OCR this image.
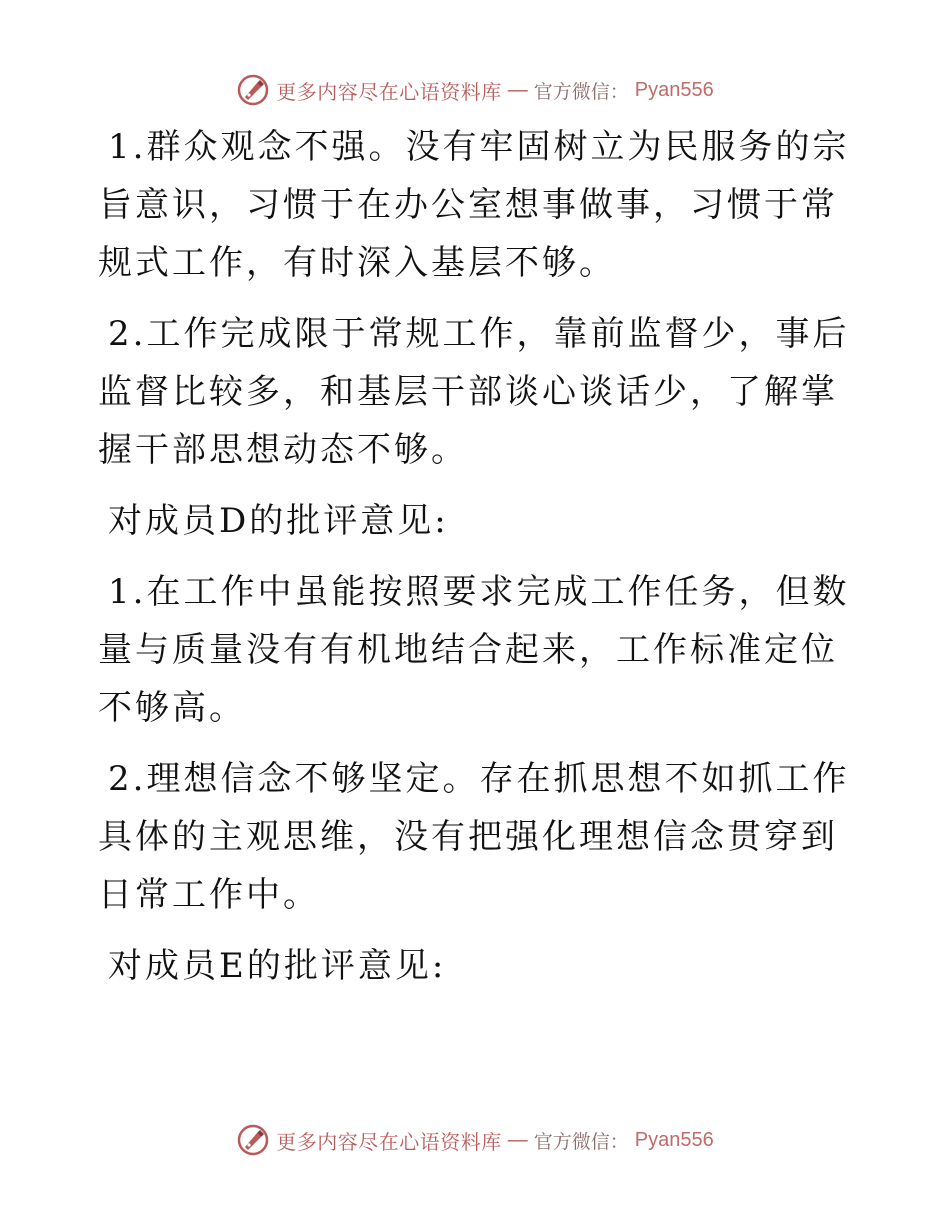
更多内容尽在心语资料库 — 官方微信： Pyan556

1.群众观念不强。没有牢固树立为民服务的宗旨意识，习惯于在办公室想事做事，习惯于常规式工作，有时深入基层不够。

2.工作完成限于常规工作，靠前监督少，事后监督比较多，和基层干部谈心谈话少，了解掌握干部思想动态不够。

对成员D的批评意见:

1.在工作中虽能按照要求完成工作任务，但数量与质量没有有机地结合起来，工作标准定位不够高。

2.理想信念不够坚定。存在抓思想不如抓工作具体的主观思维，没有把强化理想信念贯穿到日常工作中。

对成员E的批评意见:

更多内容尽在心语资料库 — 官方微信： Pyan556
